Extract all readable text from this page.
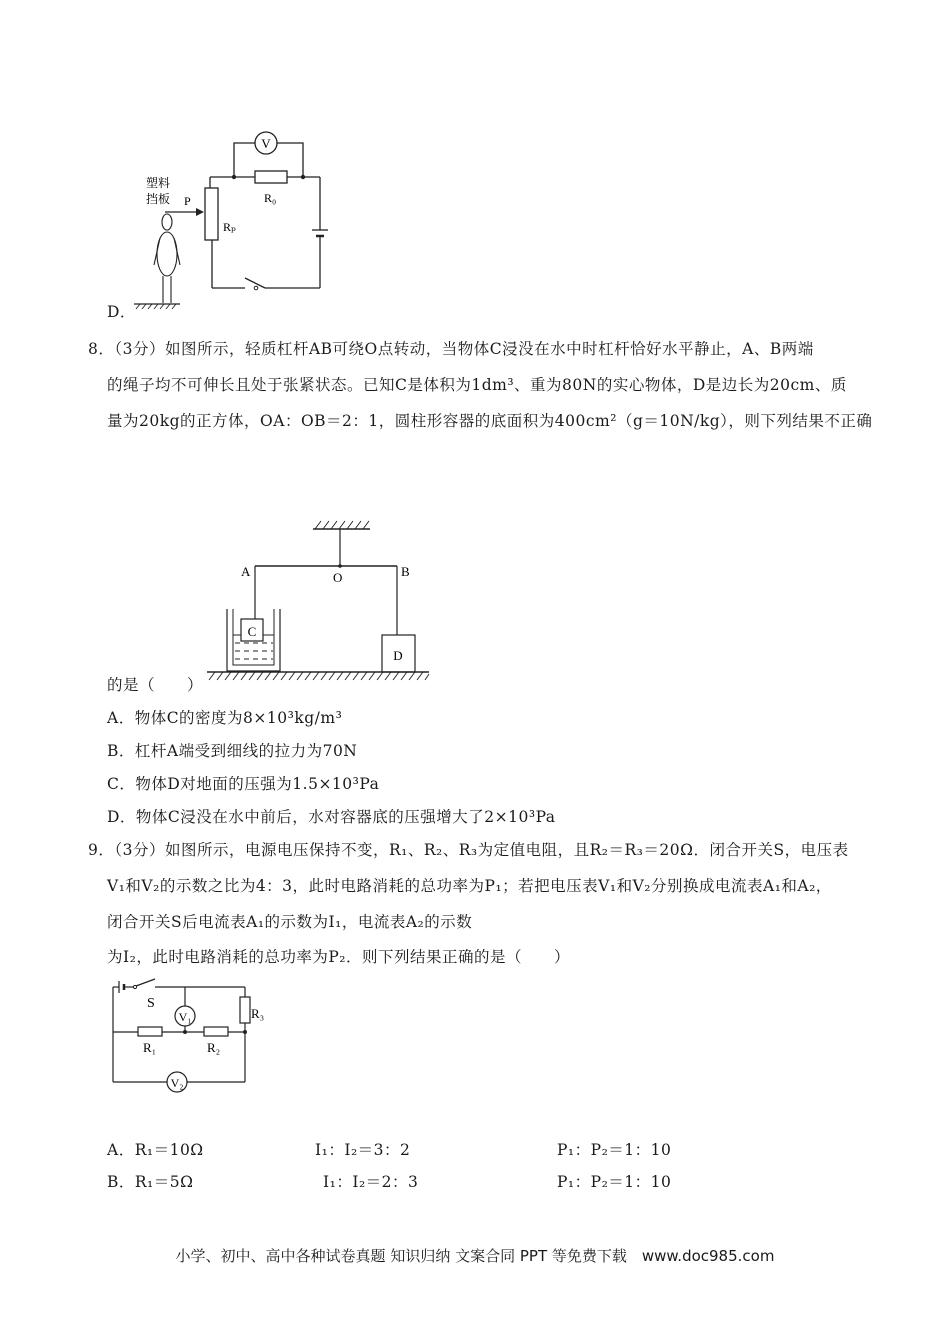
V
R₀
Rₚ
P
塑料
挡板
D．
8．（3分）如图所示，轻质杠杆AB可绕O点转动，当物体C浸没在水中时杠杆恰好水平静止，A、B两端
的绳子均不可伸长且处于张紧状态。已知C是体积为1dm³、重为80N的实心物体，D是边长为20cm、质
量为20kg的正方体，OA：OB＝2：1，圆柱形容器的底面积为400cm²（g＝10N/kg），则下列结果不正确
A	O	B
C
D
的是（　　）
A．物体C的密度为8×10³kg/m³
B．杠杆A端受到细线的拉力为70N
C．物体D对地面的压强为1.5×10³Pa
D．物体C浸没在水中前后，水对容器底的压强增大了2×10³Pa
9．（3分）如图所示，电源电压保持不变，R₁、R₂、R₃为定值电阻，且R₂＝R₃＝20Ω．闭合开关S，电压表
V₁和V₂的示数之比为4：3，此时电路消耗的总功率为P₁；若把电压表V₁和V₂分别换成电流表A₁和A₂，
闭合开关S后电流表A₁的示数为I₁，电流表A₂的示数
为I₂，此时电路消耗的总功率为P₂．则下列结果正确的是（　　）
S
R₃
V₁
R₁	R₂
V₂
A．R₁＝10Ω	I₁：I₂＝3：2	P₁：P₂＝1：10
B．R₁＝5Ω	I₁：I₂＝2：3	P₁：P₂＝1：10
小学、初中、高中各种试卷真题 知识归纳 文案合同 PPT 等免费下载　www.doc985.com
